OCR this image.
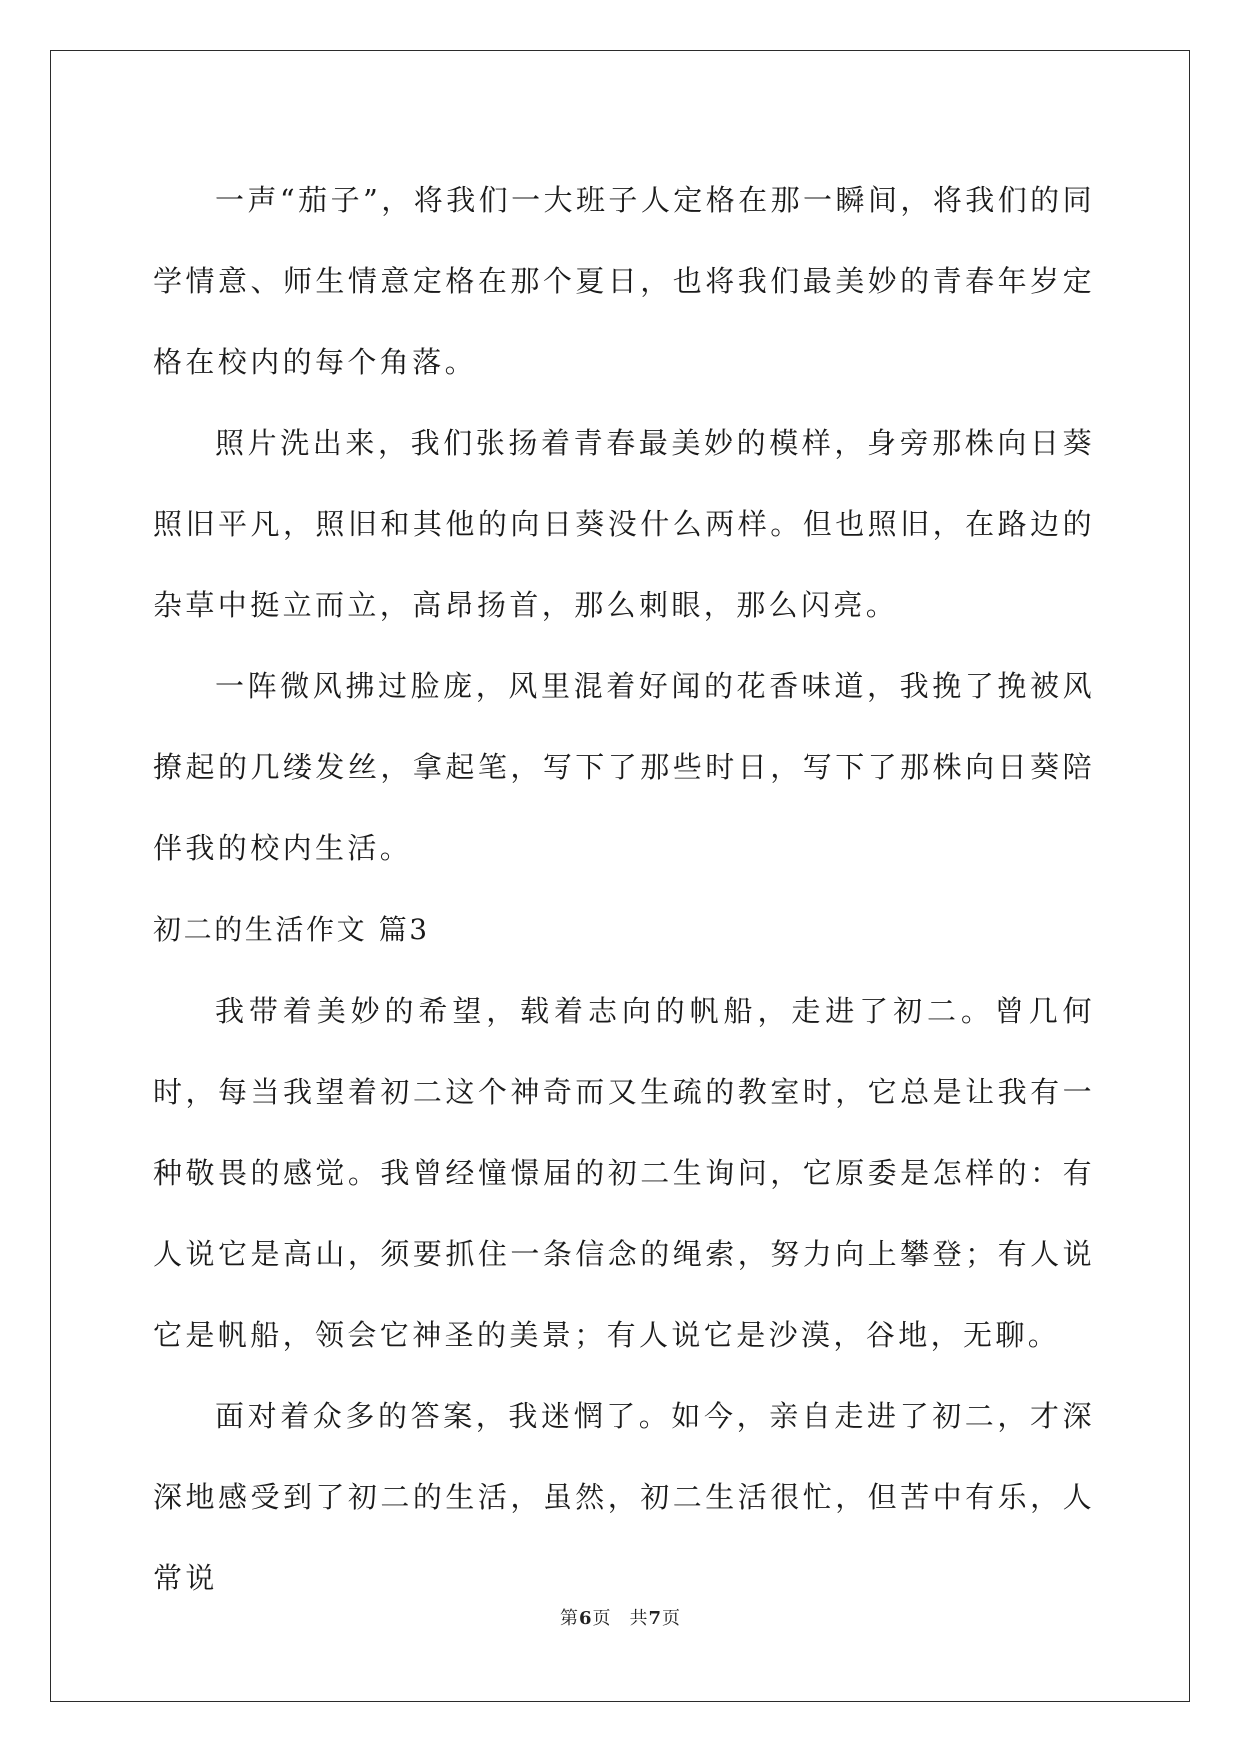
一声“茄子”，将我们一大班子人定格在那一瞬间，将我们的同学情意、师生情意定格在那个夏日，也将我们最美妙的青春年岁定格在校内的每个角落。

照片洗出来，我们张扬着青春最美妙的模样，身旁那株向日葵照旧平凡，照旧和其他的向日葵没什么两样。但也照旧，在路边的杂草中挺立而立，高昂扬首，那么刺眼，那么闪亮。

一阵微风拂过脸庞，风里混着好闻的花香味道，我挽了挽被风撩起的几缕发丝，拿起笔，写下了那些时日，写下了那株向日葵陪伴我的校内生活。

初二的生活作文 篇3

我带着美妙的希望，载着志向的帆船，走进了初二。曾几何时，每当我望着初二这个神奇而又生疏的教室时，它总是让我有一种敬畏的感觉。我曾经憧憬届的初二生询问，它原委是怎样的：有人说它是高山，须要抓住一条信念的绳索，努力向上攀登；有人说它是帆船，领会它神圣的美景；有人说它是沙漠，谷地，无聊。

面对着众多的答案，我迷惘了。如今，亲自走进了初二，才深深地感受到了初二的生活，虽然，初二生活很忙，但苦中有乐，人常说

第6页 共7页
